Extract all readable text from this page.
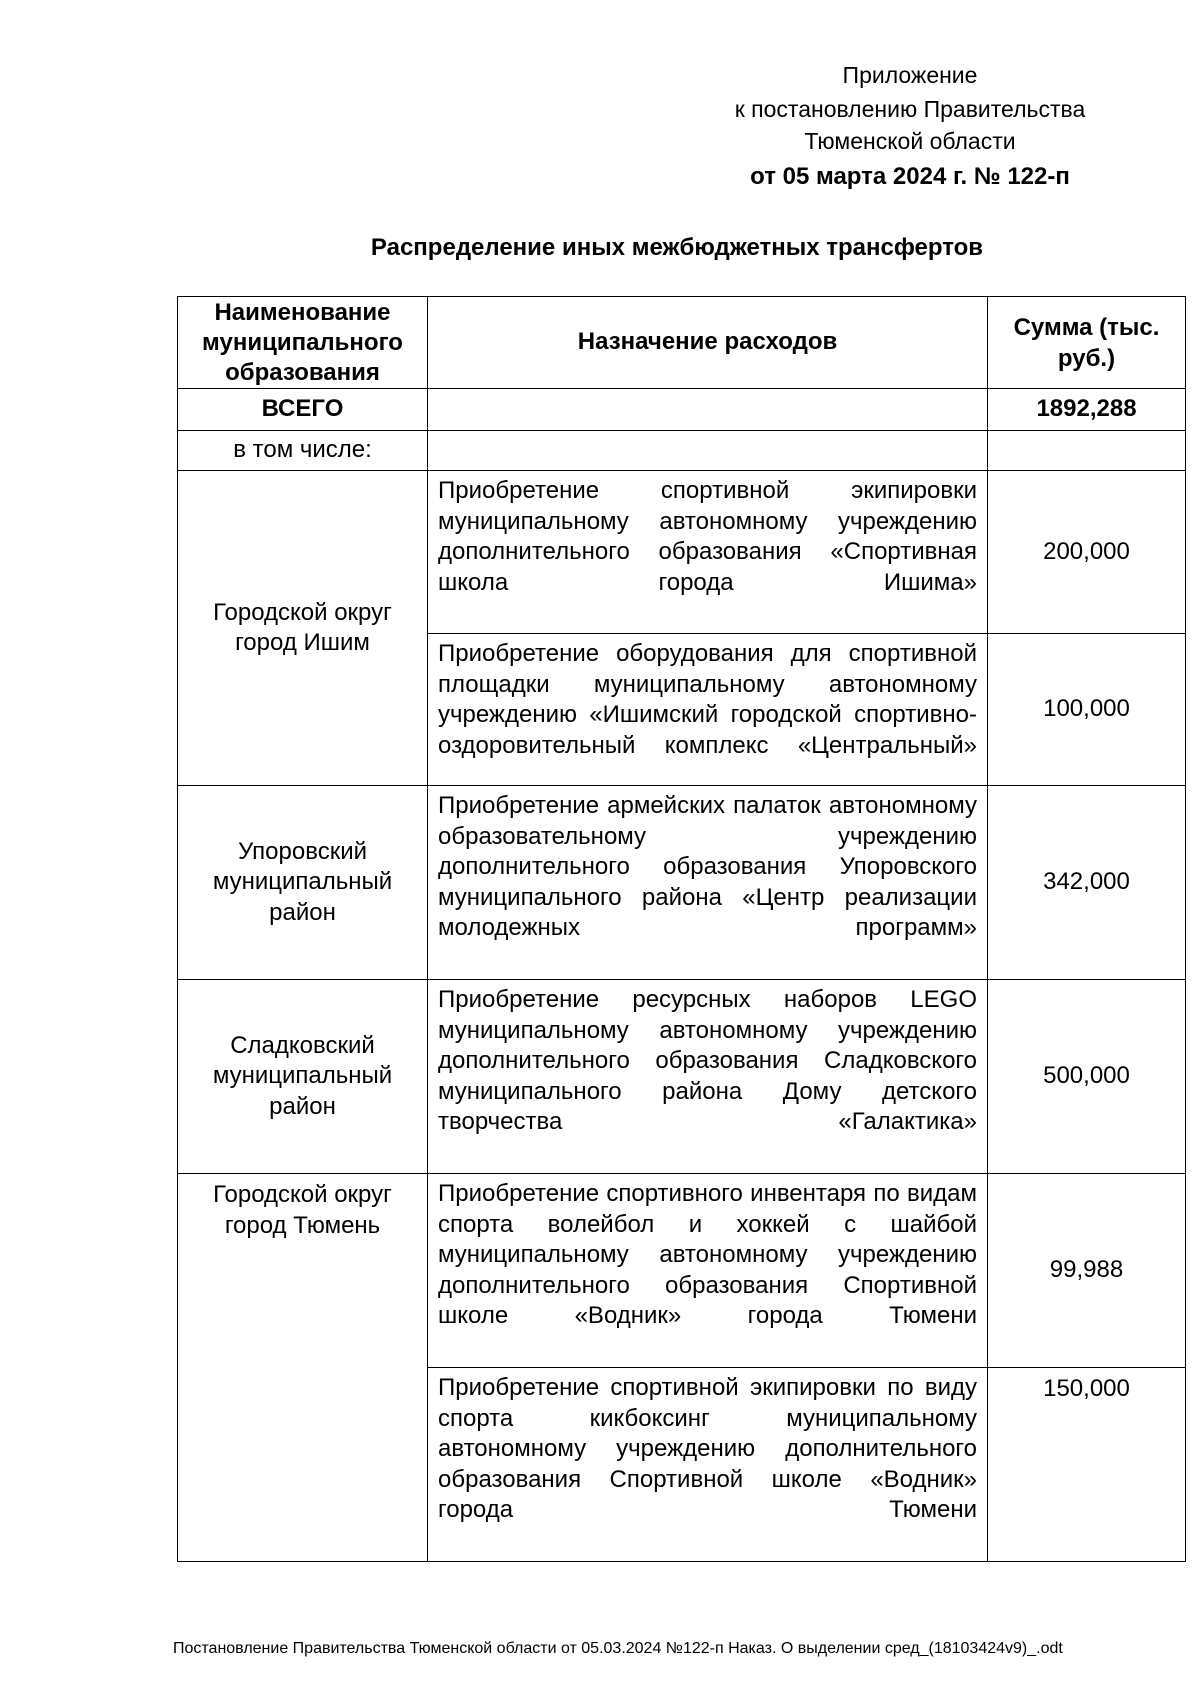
Приложение
к постановлению Правительства
Тюменской области
от 05 марта 2024 г. № 122-п
Распределение иных межбюджетных трансфертов
Наименование муниципального образования	Назначение расходов	Сумма (тыс. руб.)
ВСЕГО		1892,288
в том числе:		
Городской округ город Ишим	Приобретение спортивной экипировки муниципальному автономному учреждению дополнительного образования «Спортивная школа города Ишима»	200,000
	Приобретение оборудования для спортивной площадки муниципальному автономному учреждению «Ишимский городской спортивно-оздоровительный комплекс «Центральный»	100,000
Упоровский муниципальный район	Приобретение армейских палаток автономному образовательному учреждению дополнительного образования Упоровского муниципального района «Центр реализации молодежных программ»	342,000
Сладковский муниципальный район	Приобретение ресурсных наборов LEGO муниципальному автономному учреждению дополнительного образования Сладковского муниципального района Дому детского творчества «Галактика»	500,000
Городской округ город Тюмень	Приобретение спортивного инвентаря по видам спорта волейбол и хоккей с шайбой муниципальному автономному учреждению дополнительного образования Спортивной школе «Водник» города Тюмени	99,988
	Приобретение спортивной экипировки по виду спорта кикбоксинг муниципальному автономному учреждению дополнительного образования Спортивной школе «Водник» города Тюмени	150,000
Постановление Правительства Тюменской области от 05.03.2024 №122-п Наказ. О выделении сред_(18103424v9)_.odt
